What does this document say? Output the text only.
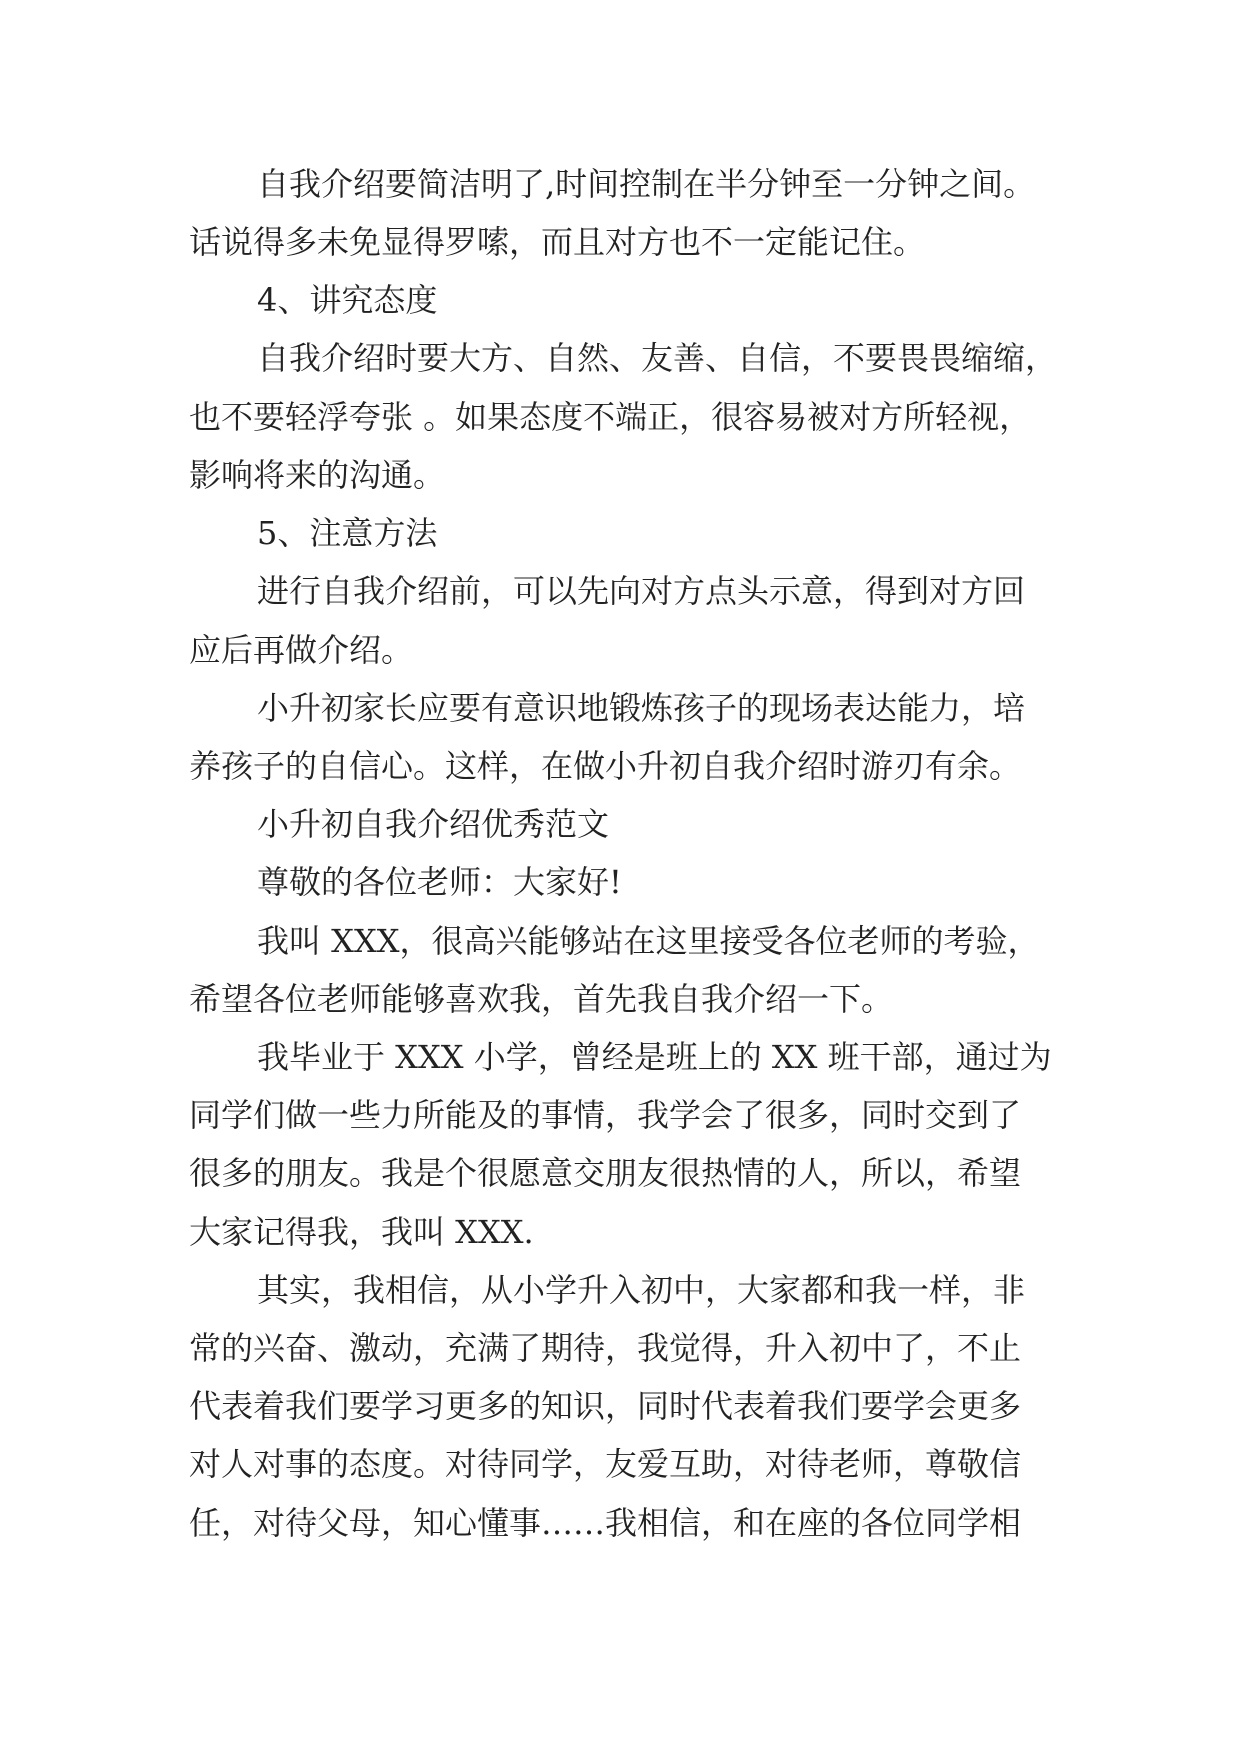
自我介绍要简洁明了,时间控制在半分钟至一分钟之间。
话说得多未免显得罗嗦，而且对方也不一定能记住。
4、讲究态度
自我介绍时要大方、自然、友善、自信，不要畏畏缩缩，
也不要轻浮夸张 。如果态度不端正，很容易被对方所轻视，
影响将来的沟通。
5、注意方法
进行自我介绍前，可以先向对方点头示意，得到对方回
应后再做介绍。
小升初家长应要有意识地锻炼孩子的现场表达能力，培
养孩子的自信心。这样，在做小升初自我介绍时游刃有余。
小升初自我介绍优秀范文
尊敬的各位老师：大家好!
我叫 XXX，很高兴能够站在这里接受各位老师的考验，
希望各位老师能够喜欢我，首先我自我介绍一下。
我毕业于 XXX 小学，曾经是班上的 XX 班干部，通过为
同学们做一些力所能及的事情，我学会了很多，同时交到了
很多的朋友。我是个很愿意交朋友很热情的人，所以，希望
大家记得我，我叫 XXX.
其实，我相信，从小学升入初中，大家都和我一样，非
常的兴奋、激动，充满了期待，我觉得，升入初中了，不止
代表着我们要学习更多的知识，同时代表着我们要学会更多
对人对事的态度。对待同学，友爱互助，对待老师，尊敬信
任，对待父母，知心懂事……我相信，和在座的各位同学相
